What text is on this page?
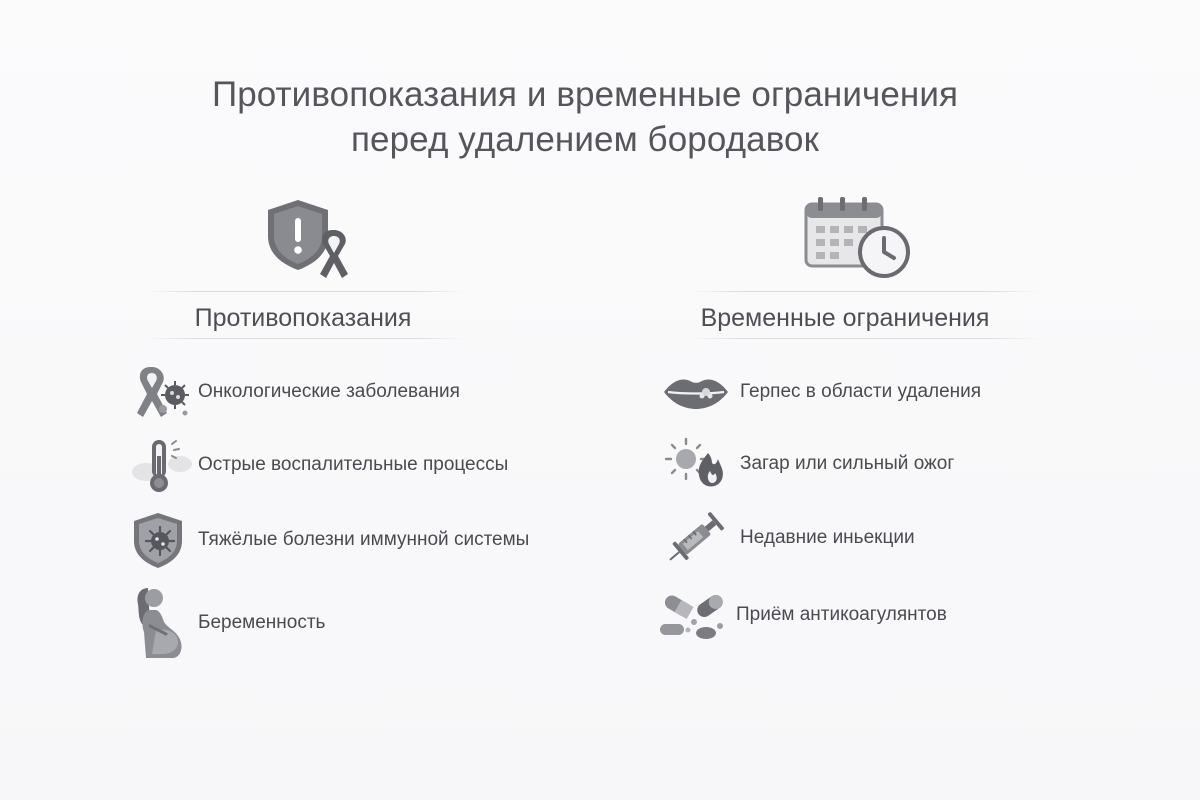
Противопоказания и временные ограничения
перед удалением бородавок
Противопоказания
Онкологические заболевания
Острые воспалительные процессы
Тяжёлые болезни иммунной системы
Беременность
Временные ограничения
Герпес в области удаления
Загар или сильный ожог
Недавние иньекции
Приём антикоагулянтов
